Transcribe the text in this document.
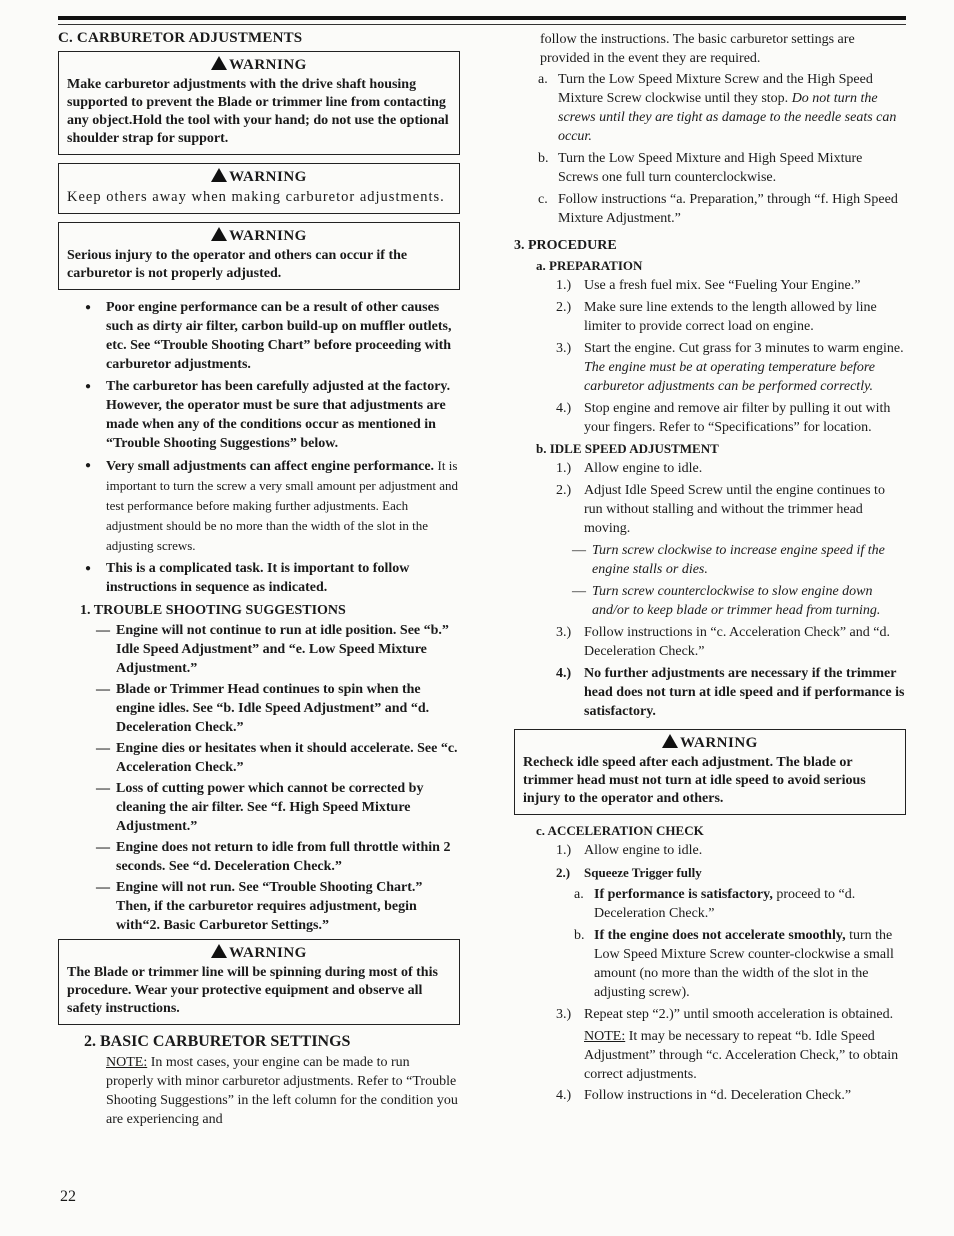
C. CARBURETOR ADJUSTMENTS
WARNING
Make carburetor adjustments with the drive shaft housing supported to prevent the Blade or trimmer line from contacting any object.Hold the tool with your hand; do not use the optional shoulder strap for support.
WARNING
Keep others away when making carburetor adjustments.
WARNING
Serious injury to the operator and others can occur if the carburetor is not properly adjusted.
● Poor engine performance can be a result of other causes such as dirty air filter, carbon build-up on muffler outlets, etc. See “Trouble Shooting Chart” before proceeding with carburetor adjustments.
● The carburetor has been carefully adjusted at the factory. However, the operator must be sure that adjustments are made when any of the conditions occur as mentioned in “Trouble Shooting Suggestions” below.
● Very small adjustments can affect engine performance. It is important to turn the screw a very small amount per adjustment and test performance before making further adjustments. Each adjustment should be no more than the width of the slot in the adjusting screws.
● This is a complicated task. It is important to follow instructions in sequence as indicated.
1. TROUBLE SHOOTING SUGGESTIONS
— Engine will not continue to run at idle position. See “b.” Idle Speed Adjustment” and “e. Low Speed Mixture Adjustment.”
— Blade or Trimmer Head continues to spin when the engine idles. See “b. Idle Speed Adjustment” and “d. Deceleration Check.”
— Engine dies or hesitates when it should accelerate. See “c. Acceleration Check.”
— Loss of cutting power which cannot be corrected by cleaning the air filter. See “f. High Speed Mixture Adjustment.”
— Engine does not return to idle from full throttle within 2 seconds. See “d. Deceleration Check.”
— Engine will not run. See “Trouble Shooting Chart.” Then, if the carburetor requires adjustment, begin with“2. Basic Carburetor Settings.”
WARNING
The Blade or trimmer line will be spinning during most of this procedure. Wear your protective equipment and observe all safety instructions.
2. BASIC CARBURETOR SETTINGS
NOTE: In most cases, your engine can be made to run properly with minor carburetor adjustments. Refer to “Trouble Shooting Suggestions” in the left column for the condition you are experiencing and
follow the instructions. The basic carburetor settings are provided in the event they are required.
a. Turn the Low Speed Mixture Screw and the High Speed Mixture Screw clockwise until they stop. Do not turn the screws until they are tight as damage to the needle seats can occur.
b. Turn the Low Speed Mixture and High Speed Mixture Screws one full turn counterclockwise.
c. Follow instructions “a. Preparation,” through “f. High Speed Mixture Adjustment.”
3. PROCEDURE
a. PREPARATION
1.) Use a fresh fuel mix. See “Fueling Your Engine.”
2.) Make sure line extends to the length allowed by line limiter to provide correct load on engine.
3.) Start the engine. Cut grass for 3 minutes to warm engine. The engine must be at operating temperature before carburetor adjustments can be performed correctly.
4.) Stop engine and remove air filter by pulling it out with your fingers. Refer to “Specifications” for location.
b. IDLE SPEED ADJUSTMENT
1.) Allow engine to idle.
2.) Adjust Idle Speed Screw until the engine continues to run without stalling and without the trimmer head moving.
— Turn screw clockwise to increase engine speed if the engine stalls or dies.
— Turn screw counterclockwise to slow engine down and/or to keep blade or trimmer head from turning.
3.) Follow instructions in “c. Acceleration Check” and “d. Deceleration Check.”
4.) No further adjustments are necessary if the trimmer head does not turn at idle speed and if performance is satisfactory.
WARNING
Recheck idle speed after each adjustment. The blade or trimmer head must not turn at idle speed to avoid serious injury to the operator and others.
c. ACCELERATION CHECK
1.) Allow engine to idle.
2.) Squeeze Trigger fully
a. If performance is satisfactory, proceed to “d. Deceleration Check.”
b. If the engine does not accelerate smoothly, turn the Low Speed Mixture Screw counter-clockwise a small amount (no more than the width of the slot in the adjusting screw).
3.) Repeat step “2.)” until smooth acceleration is obtained.
NOTE: It may be necessary to repeat “b. Idle Speed Adjustment” through “c. Acceleration Check,” to obtain correct adjustments.
4.) Follow instructions in “d. Deceleration Check.”
22
